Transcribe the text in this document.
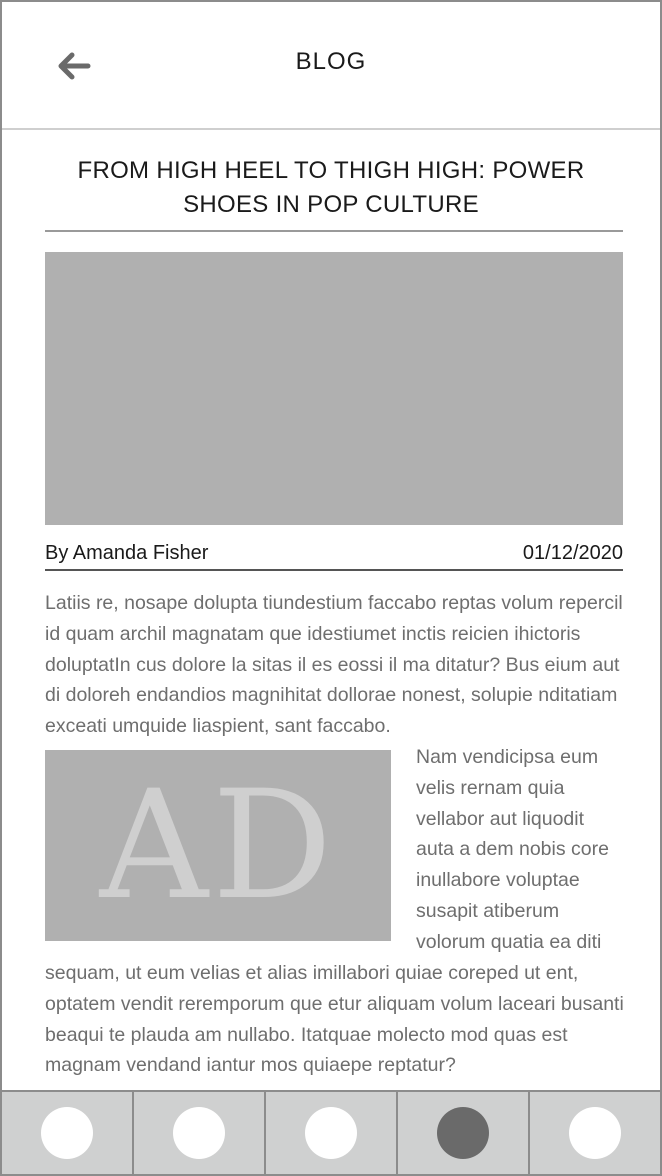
BLOG
FROM HIGH HEEL TO THIGH HIGH: POWER SHOES IN POP CULTURE
By Amanda Fisher	01/12/2020

Latiis re, nosape dolupta tiundestium faccabo reptas volum repercil id quam archil magnatam que idestiumet inctis reicien ihictoris doluptatIn cus dolore la sitas il es eossi il ma ditatur? Bus eium aut di doloreh endandios magnihitat dollorae nonest, solupie nditatiam exceati umquide liaspient, sant faccabo.

AD

Nam vendicipsa eum velis rernam quia vellabor aut liquodit auta a dem nobis core inullabore voluptae susapit atiberum volorum quatia ea diti

sequam, ut eum velias et alias imillabori quiae coreped ut ent, optatem vendit reremporum que etur aliquam volum laceari busanti beaqui te plauda am nullabo. Itatquae molecto mod quas est magnam vendand iantur mos quiaepe reptatur?
